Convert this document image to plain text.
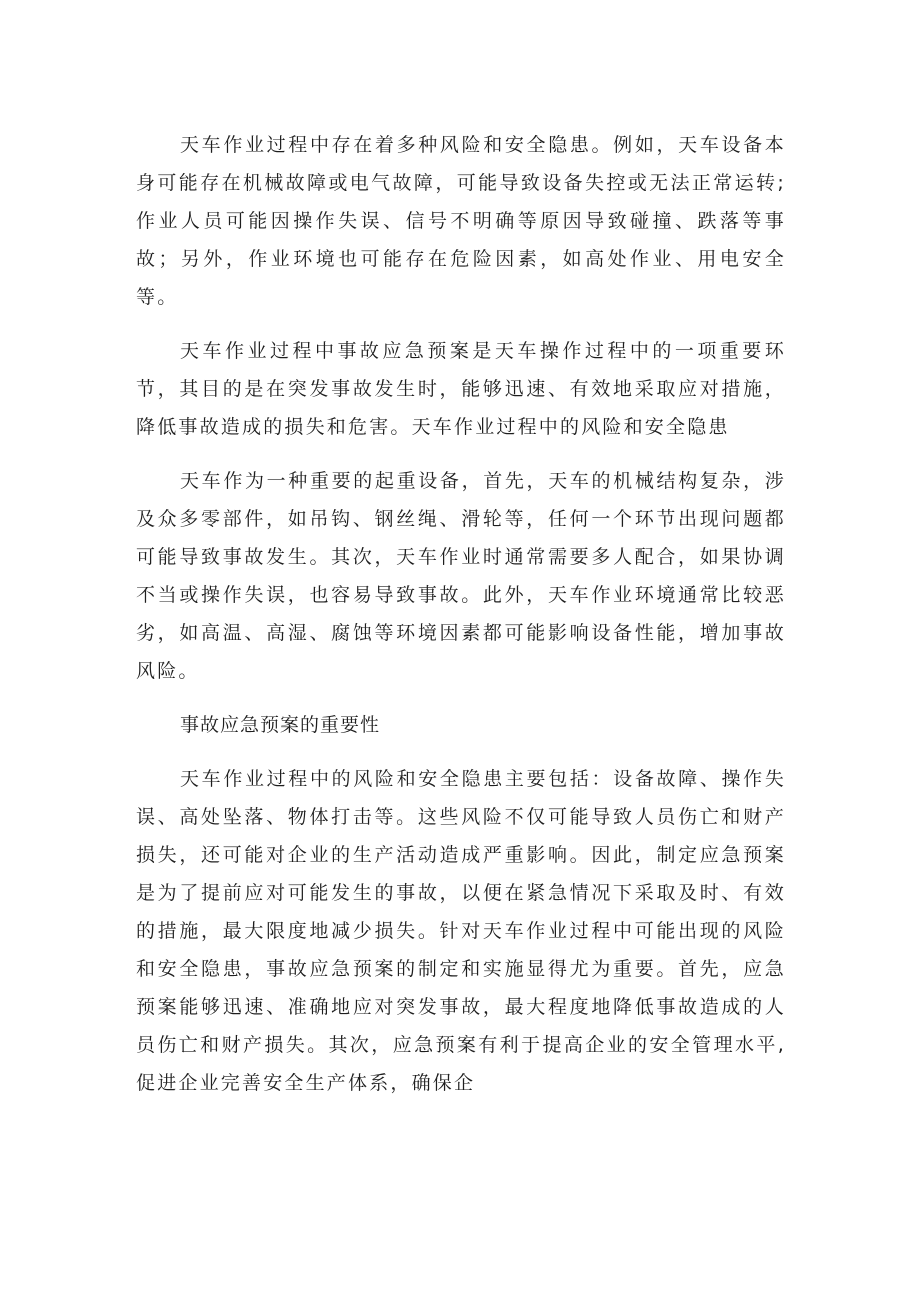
天车作业过程中存在着多种风险和安全隐患。例如，天车设备本身可能存在机械故障或电气故障，可能导致设备失控或无法正常运转;作业人员可能因操作失误、信号不明确等原因导致碰撞、跌落等事故；另外，作业环境也可能存在危险因素，如高处作业、用电安全等。

天车作业过程中事故应急预案是天车操作过程中的一项重要环节，其目的是在突发事故发生时，能够迅速、有效地采取应对措施，降低事故造成的损失和危害。天车作业过程中的风险和安全隐患

天车作为一种重要的起重设备，首先，天车的机械结构复杂，涉及众多零部件，如吊钩、钢丝绳、滑轮等，任何一个环节出现问题都可能导致事故发生。其次，天车作业时通常需要多人配合，如果协调不当或操作失误，也容易导致事故。此外，天车作业环境通常比较恶劣，如高温、高湿、腐蚀等环境因素都可能影响设备性能，增加事故风险。

事故应急预案的重要性

天车作业过程中的风险和安全隐患主要包括：设备故障、操作失误、高处坠落、物体打击等。这些风险不仅可能导致人员伤亡和财产损失，还可能对企业的生产活动造成严重影响。因此，制定应急预案是为了提前应对可能发生的事故，以便在紧急情况下采取及时、有效的措施，最大限度地减少损失。针对天车作业过程中可能出现的风险和安全隐患，事故应急预案的制定和实施显得尤为重要。首先，应急预案能够迅速、准确地应对突发事故，最大程度地降低事故造成的人员伤亡和财产损失。其次，应急预案有利于提高企业的安全管理水平,促进企业完善安全生产体系，确保企
